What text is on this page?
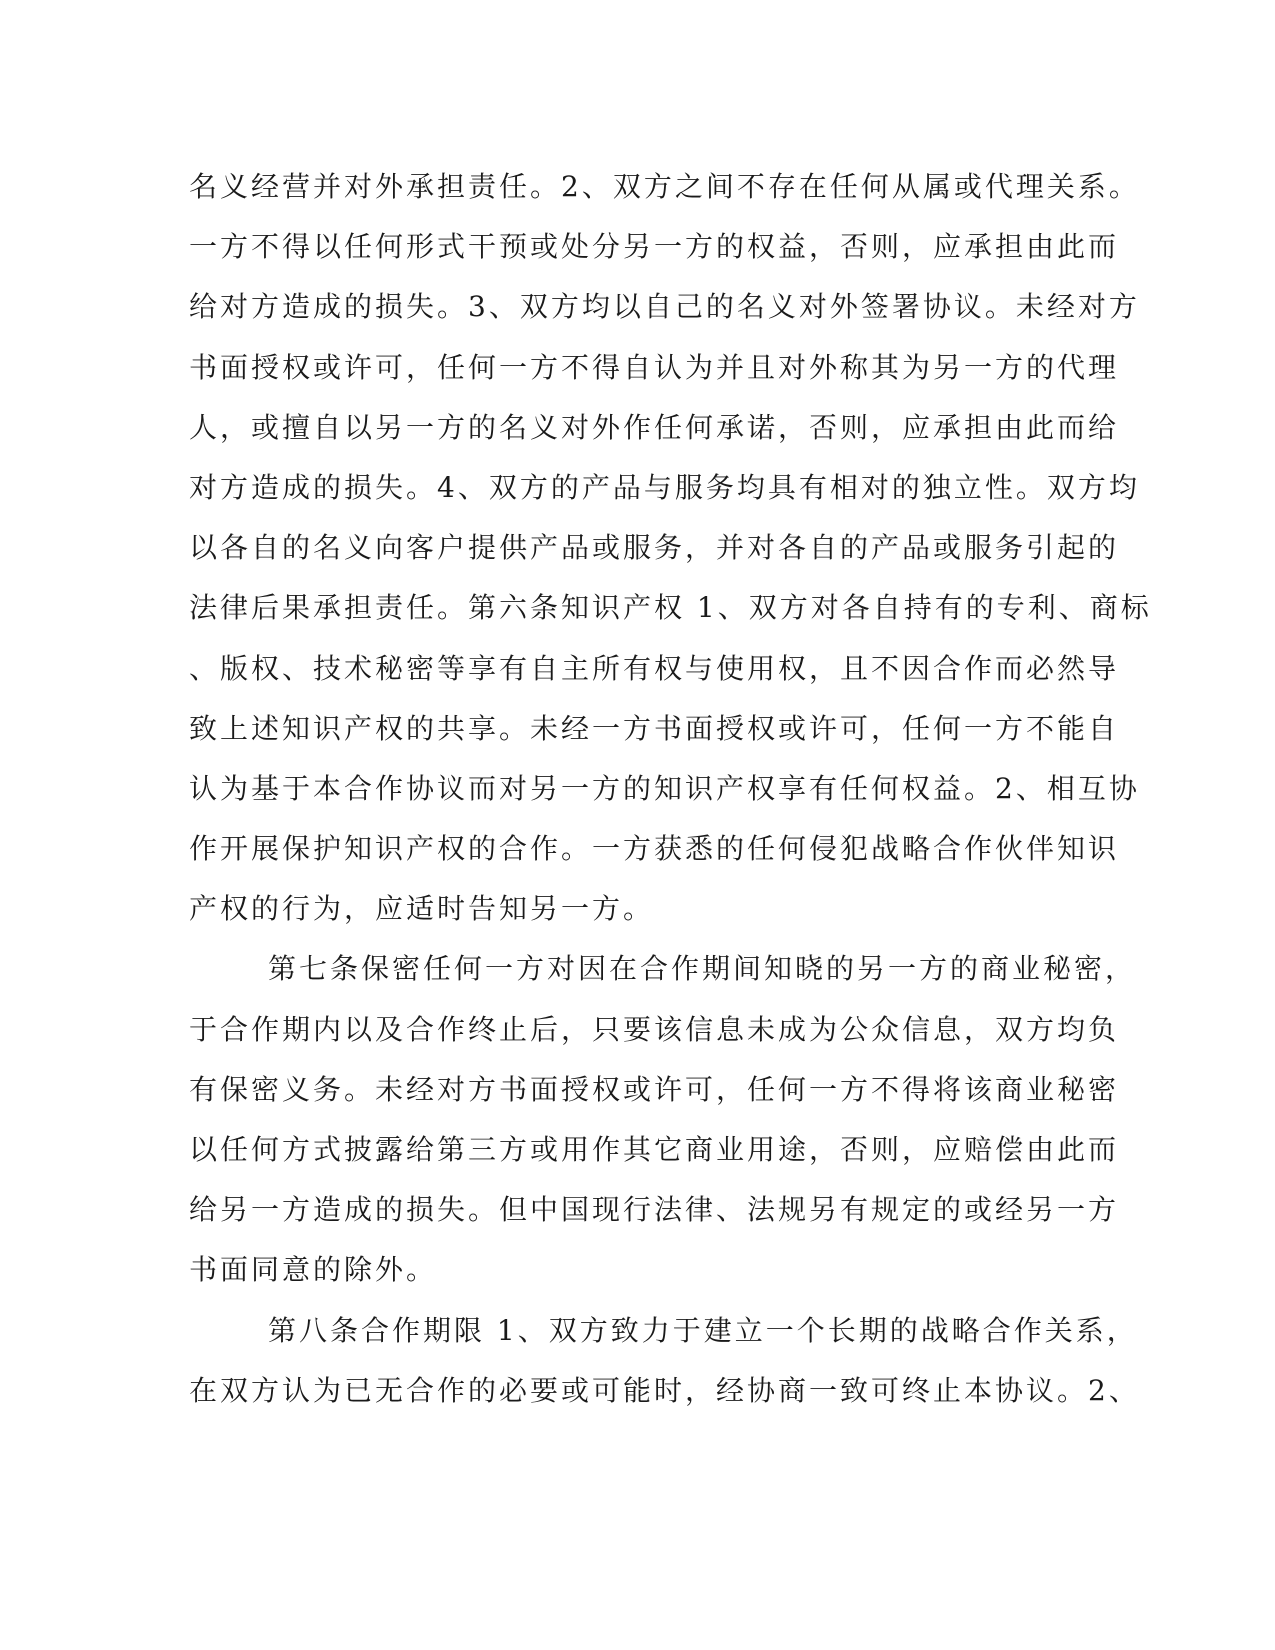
名义经营并对外承担责任。2、双方之间不存在任何从属或代理关系。
一方不得以任何形式干预或处分另一方的权益，否则，应承担由此而
给对方造成的损失。3、双方均以自己的名义对外签署协议。未经对方
书面授权或许可，任何一方不得自认为并且对外称其为另一方的代理
人，或擅自以另一方的名义对外作任何承诺，否则，应承担由此而给
对方造成的损失。4、双方的产品与服务均具有相对的独立性。双方均
以各自的名义向客户提供产品或服务，并对各自的产品或服务引起的
法律后果承担责任。第六条知识产权 1、双方对各自持有的专利、商标
、版权、技术秘密等享有自主所有权与使用权，且不因合作而必然导
致上述知识产权的共享。未经一方书面授权或许可，任何一方不能自
认为基于本合作协议而对另一方的知识产权享有任何权益。2、相互协
作开展保护知识产权的合作。一方获悉的任何侵犯战略合作伙伴知识
产权的行为，应适时告知另一方。
第七条保密任何一方对因在合作期间知晓的另一方的商业秘密，
于合作期内以及合作终止后，只要该信息未成为公众信息，双方均负
有保密义务。未经对方书面授权或许可，任何一方不得将该商业秘密
以任何方式披露给第三方或用作其它商业用途，否则，应赔偿由此而
给另一方造成的损失。但中国现行法律、法规另有规定的或经另一方
书面同意的除外。
第八条合作期限 1、双方致力于建立一个长期的战略合作关系，
在双方认为已无合作的必要或可能时，经协商一致可终止本协议。2、
